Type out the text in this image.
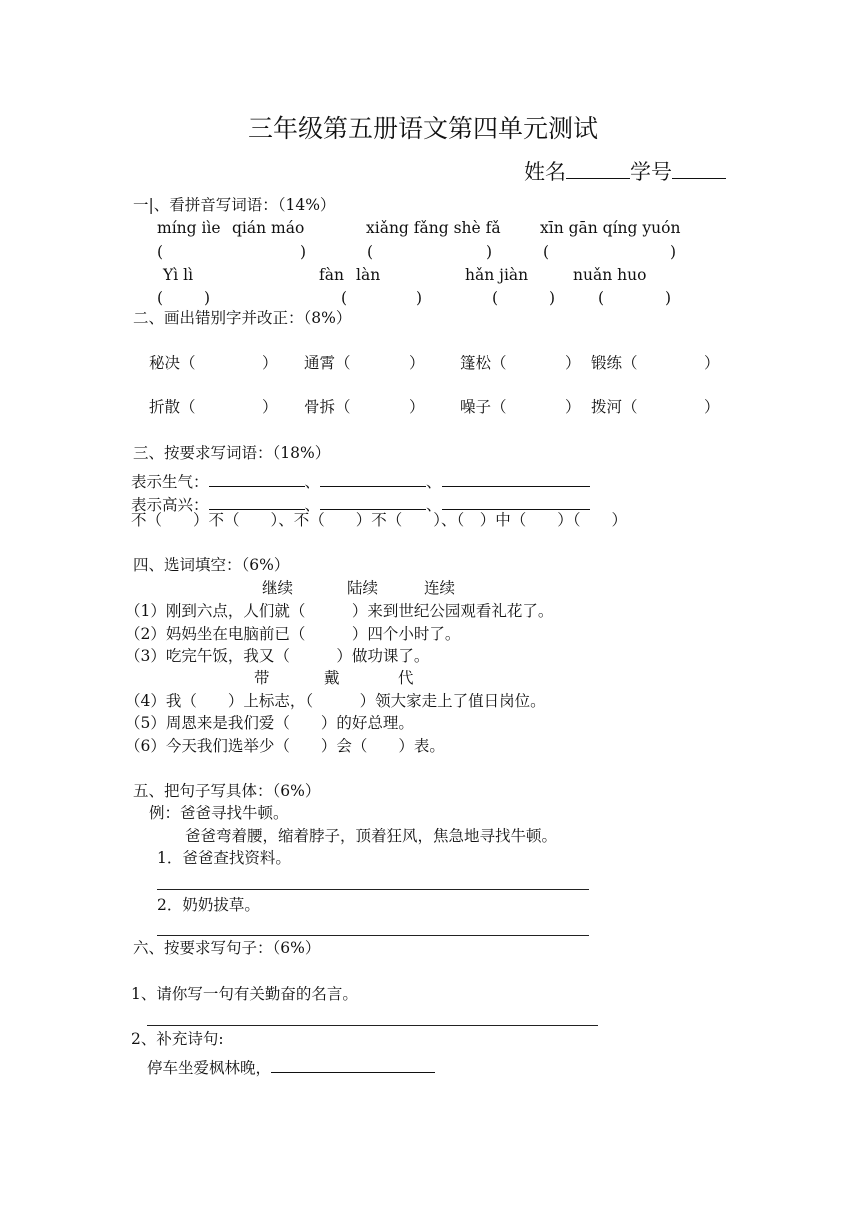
三年级第五册语文第四单元测试
姓名	学号
一|、看拼音写词语：（14%）
míng iìe qián máo	xiǎng fǎng shè fǎ	xīn gān qíng yuón
(	)	(	)	(	)
Yì lì	fàn làn	hǎn jiàn	nuǎn huo
(	)	(	)	(	)	(	)
二、画出错别字并改正：（8%）
秘决（	） 通霄（	） 篷松（	） 锻练（	）
折散（	） 骨拆（	） 噪子（	） 拨河（	）
三、按要求写词语：（18%）
表示生气：	、	、
表示高兴：	、	、
不（　　）不（　　）、不（　　）不（　　）、（　）中（　　）（　　）
四、选词填空：（6%）
继续	陆续	连续
（1）刚到六点，人们就（　　　）来到世纪公园观看礼花了。
（2）妈妈坐在电脑前已（　　　）四个小时了。
（3）吃完午饭，我又（　　　）做功课了。
带	戴	代
（4）我（　　）上标志，（　　　）领大家走上了值日岗位。
（5）周恩来是我们爱（　　）的好总理。
（6）今天我们选举少（　　）会（　　）表。
五、把句子写具体：（6%）
例：爸爸寻找牛顿。
爸爸弯着腰，缩着脖子，顶着狂风，焦急地寻找牛顿。
1．爸爸查找资料。
2．奶奶拔草。
六、按要求写句子：（6%）
1、请你写一句有关勤奋的名言。
2、补充诗句:
停车坐爱枫林晚，
